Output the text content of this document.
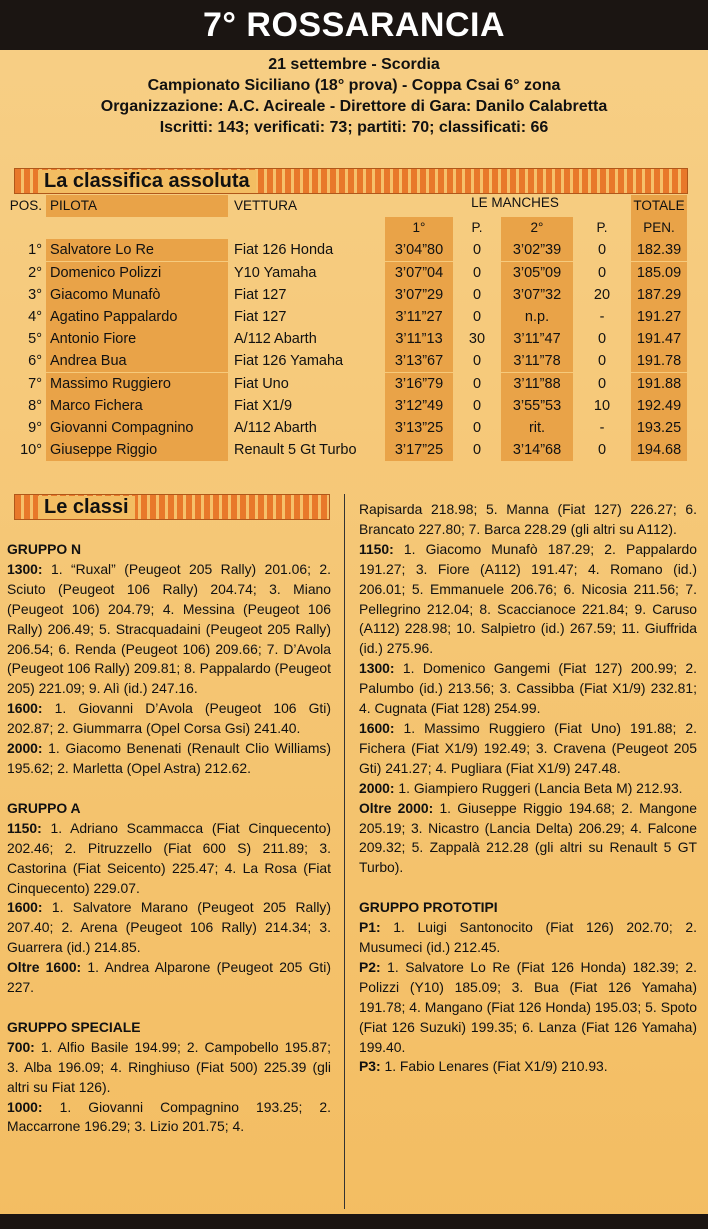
7° ROSSARANCIA
21 settembre - Scordia
Campionato Siciliano (18° prova) - Coppa Csai 6° zona
Organizzazione: A.C. Acireale - Direttore di Gara: Danilo Calabretta
Iscritti: 143; verificati: 73; partiti: 70; classificati: 66
La classifica assoluta
LE MANCHES
POS. PILOTA	VETTURA	TOTALE
1°	P.	2°	P.	PEN.
1° Salvatore Lo Re	Fiat 126 Honda	3’04”80	0	3’02”39	0	182.39
2° Domenico Polizzi	Y10 Yamaha	3’07”04	0	3’05”09	0	185.09
3° Giacomo Munafò	Fiat 127	3’07”29	0	3’07”32	20	187.29
4° Agatino Pappalardo	Fiat 127	3’11”27	0	n.p.	-	191.27
5° Antonio Fiore	A/112 Abarth	3’11”13	30	3’11”47	0	191.47
6° Andrea Bua	Fiat 126 Yamaha	3’13”67	0	3’11”78	0	191.78
7° Massimo Ruggiero	Fiat Uno	3’16”79	0	3’11”88	0	191.88
8° Marco Fichera	Fiat X1/9	3’12”49	0	3’55”53	10	192.49
9° Giovanni Compagnino	A/112 Abarth	3’13”25	0	rit.	-	193.25
10° Giuseppe Riggio	Renault 5 Gt Turbo	3’17”25	0	3’14”68	0	194.68
Le classi

GRUPPO N

1300: 1. “Ruxal” (Peugeot 205 Rally) 201.06; 2. Sciuto (Peugeot 106 Rally) 204.74; 3. Miano (Peugeot 106) 204.79; 4. Messina (Peugeot 106 Rally) 206.49; 5. Stracquadaini (Peugeot 205 Rally) 206.54; 6. Renda (Peugeot 106) 209.66; 7. D’Avola (Peugeot 106 Rally) 209.81; 8. Pappalardo (Peugeot 205) 221.09; 9. Alì (id.) 247.16.

1600: 1. Giovanni D’Avola (Peugeot 106 Gti) 202.87; 2. Giummarra (Opel Corsa Gsi) 241.40.

2000: 1. Giacomo Benenati (Renault Clio Williams) 195.62; 2. Marletta (Opel Astra) 212.62.

GRUPPO A

1150: 1. Adriano Scammacca (Fiat Cinquecento) 202.46; 2. Pitruzzello (Fiat 600 S) 211.89; 3. Castorina (Fiat Seicento) 225.47; 4. La Rosa (Fiat Cinquecento) 229.07.

1600: 1. Salvatore Marano (Peugeot 205 Rally) 207.40; 2. Arena (Peugeot 106 Rally) 214.34; 3. Guarrera (id.) 214.85.

Oltre 1600: 1. Andrea Alparone (Peugeot 205 Gti) 227.

GRUPPO SPECIALE

700: 1. Alfio Basile 194.99; 2. Campobello 195.87; 3. Alba 196.09; 4. Ringhiuso (Fiat 500) 225.39 (gli altri su Fiat 126).

1000: 1. Giovanni Compagnino 193.25; 2. Maccarrone 196.29; 3. Lizio 201.75; 4.

Rapisarda 218.98; 5. Manna (Fiat 127) 226.27; 6. Brancato 227.80; 7. Barca 228.29 (gli altri su A112).

1150: 1. Giacomo Munafò 187.29; 2. Pappalardo 191.27; 3. Fiore (A112) 191.47; 4. Romano (id.) 206.01; 5. Emmanuele 206.76; 6. Nicosia 211.56; 7. Pellegrino 212.04; 8. Scaccianoce 221.84; 9. Caruso (A112) 228.98; 10. Salpietro (id.) 267.59; 11. Giuffrida (id.) 275.96.

1300: 1. Domenico Gangemi (Fiat 127) 200.99; 2. Palumbo (id.) 213.56; 3. Cassibba (Fiat X1/9) 232.81; 4. Cugnata (Fiat 128) 254.99.

1600: 1. Massimo Ruggiero (Fiat Uno) 191.88; 2. Fichera (Fiat X1/9) 192.49; 3. Cravena (Peugeot 205 Gti) 241.27; 4. Pugliara (Fiat X1/9) 247.48.

2000: 1. Giampiero Ruggeri (Lancia Beta M) 212.93.

Oltre 2000: 1. Giuseppe Riggio 194.68; 2. Mangone 205.19; 3. Nicastro (Lancia Delta) 206.29; 4. Falcone 209.32; 5. Zappalà 212.28 (gli altri su Renault 5 GT Turbo).

GRUPPO PROTOTIPI

P1: 1. Luigi Santonocito (Fiat 126) 202.70; 2. Musumeci (id.) 212.45.

P2: 1. Salvatore Lo Re (Fiat 126 Honda) 182.39; 2. Polizzi (Y10) 185.09; 3. Bua (Fiat 126 Yamaha) 191.78; 4. Mangano (Fiat 126 Honda) 195.03; 5. Spoto (Fiat 126 Suzuki) 199.35; 6. Lanza (Fiat 126 Yamaha) 199.40.

P3: 1. Fabio Lenares (Fiat X1/9) 210.93.
